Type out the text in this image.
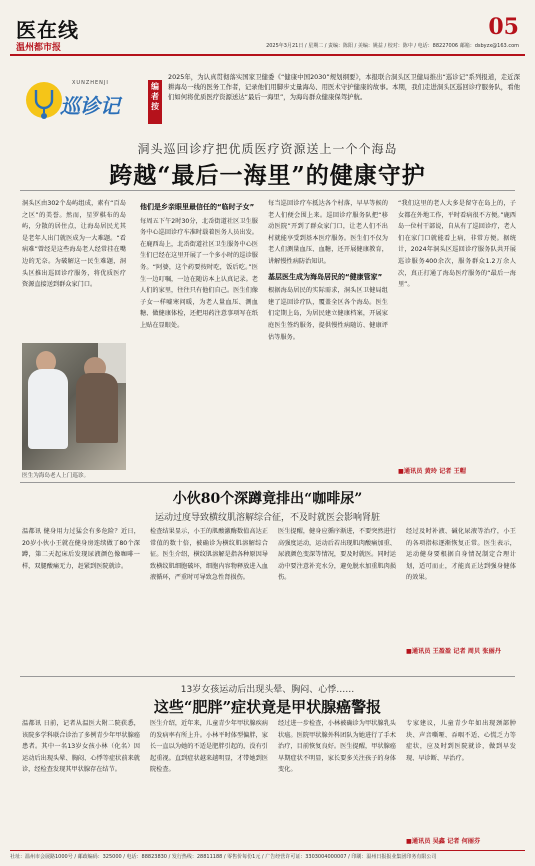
医在线
温州都市报
05
2025年3月21日 / 星期二 / 责编：陈阳 / 美编：姚益 / 校对：陈中 / 电话：88227006 邮箱：dsbyzx@163.com
XUNZHENJI
巡诊记
编者按
2025年，为认真贯彻落实国家卫健委《“健康中国2030”规划纲要》，本报联合洞头区卫健局推出“巡诊记”系列报道，走近深耕海岛一线的医务工作者，记录他们用脚步丈量海岛、用医术守护健康的故事。本期，我们走进洞头区巡回诊疗服务队，看他们如何将优质医疗资源送达“最后一海里”，为海岛群众健康保驾护航。
洞头巡回诊疗把优质医疗资源送上一个个海岛
跨越“最后一海里”的健康守护
洞头区由302个岛屿组成，素有“百岛之区”的美誉。然而，星罗棋布的岛屿，分散的居住点，让海岛居民尤其是老年人出门就医成为一大难题。“看病难”曾经是这些海岛老人经常挂在嘴边的无奈。为破解这一民生难题，洞头区推出巡回诊疗服务，将优质医疗资源直接送到群众家门口。
医生为海岛老人上门巡诊。
他们是乡亲眼里最信任的“临时子女”
每周五下午2时30分，北岙街道社区卫生服务中心巡回诊疗车准时载着医务人员出发。在鹿西岛上，北岙街道社区卫生服务中心医生们已经在这里开展了一个多小时的巡诊服务。“阿婆，这个药要按时吃，饭后吃。”医生一边叮嘱，一边在随访本上认真记录。老人们的家里，往往只有他们自己。医生们像子女一样嘘寒问暖，为老人量血压、测血糖、做健康体检，还把用药注意事项写在纸上贴在显眼处。
每当巡回诊疗车抵达各个村落，早早等候的老人们便会围上来。巡回诊疗服务队把“移动医院”开到了群众家门口，让老人们不出村就能享受到基本医疗服务。医生们不仅为老人们测量血压、血糖，还开展健康教育，讲解慢性病防治知识。
基层医生成为海岛居民的“健康管家”
根据海岛居民的实际需求，洞头区卫健局组建了巡回诊疗队，覆盖全区各个海岛。医生们定期上岛，为居民建立健康档案，开展家庭医生签约服务，提供慢性病随访、健康评估等服务。
“我们这里的老人大多是留守在岛上的，子女都在外地工作，平时看病很不方便。”鹿西岛一位村干部说，自从有了巡回诊疗，老人们在家门口就能看上病，非常方便。据统计，2024年洞头区巡回诊疗服务队共开展巡诊服务400余次，服务群众1.2万余人次，真正打通了海岛医疗服务的“最后一海里”。
■通讯员 黄玲 记者 王帽
小伙80个深蹲竟排出“咖啡尿”
运动过度导致横纹肌溶解综合征，不及时就医会影响肾脏
温都讯 健身用力过猛会有多危险？近日，20岁小伙小王就在健身房连续做了80个深蹲，第二天起床后发现尿液颜色像咖啡一样，双腿酸痛无力，赶紧到医院就诊。
检查结果显示，小王的肌酸激酶数值高达正常值的数十倍，被确诊为横纹肌溶解综合征。医生介绍，横纹肌溶解是指各种原因导致横纹肌细胞破坏，细胞内容物释放进入血液循环，严重时可导致急性肾损伤。
医生提醒，健身应循序渐进，不要突然进行高强度运动，运动后若出现肌肉酸痛加重、尿液颜色变深等情况，要及时就医。同时运动中要注意补充水分，避免脱水加重肌肉损伤。
经过及时补液、碱化尿液等治疗，小王的各项指标逐渐恢复正常。医生表示，运动健身要根据自身情况制定合理计划，适可而止，才能真正达到强身健体的效果。
■通讯员 王盈盈 记者 周贝 张丽丹
13岁女孩运动后出现头晕、胸闷、心悸……
这些“肥胖”症状竟是甲状腺癌警报
温都讯 日前，记者从温医大附二院获悉，该院多学科联合诊治了多例青少年甲状腺癌患者。其中一名13岁女孩小林（化名）因运动后出现头晕、胸闷、心悸等症状前来就诊，经检查发现其甲状腺存在结节。
医生介绍，近年来，儿童青少年甲状腺疾病的发病率有所上升。小林平时体型偏胖，家长一直以为她的不适是肥胖引起的，没有引起重视。直到症状越来越明显，才带她到医院检查。
经过进一步检查，小林被确诊为甲状腺乳头状癌。医院甲状腺外科团队为她进行了手术治疗，目前恢复良好。医生提醒，甲状腺癌早期症状不明显，家长要多关注孩子的身体变化。
专家建议，儿童青少年如出现颈部肿块、声音嘶哑、吞咽不适、心慌乏力等症状，应及时到医院就诊，做到早发现、早诊断、早治疗。
■通讯员 吴鑫 记者 何丽芬
社址：温州市会展路1000号 / 邮政编码：325000 / 电话：88823830 / 发行热线：28811188 / 零售价每份1元 / 广告经营许可证：3303004000007 / 印刷：温州日报报业集团印务有限公司
